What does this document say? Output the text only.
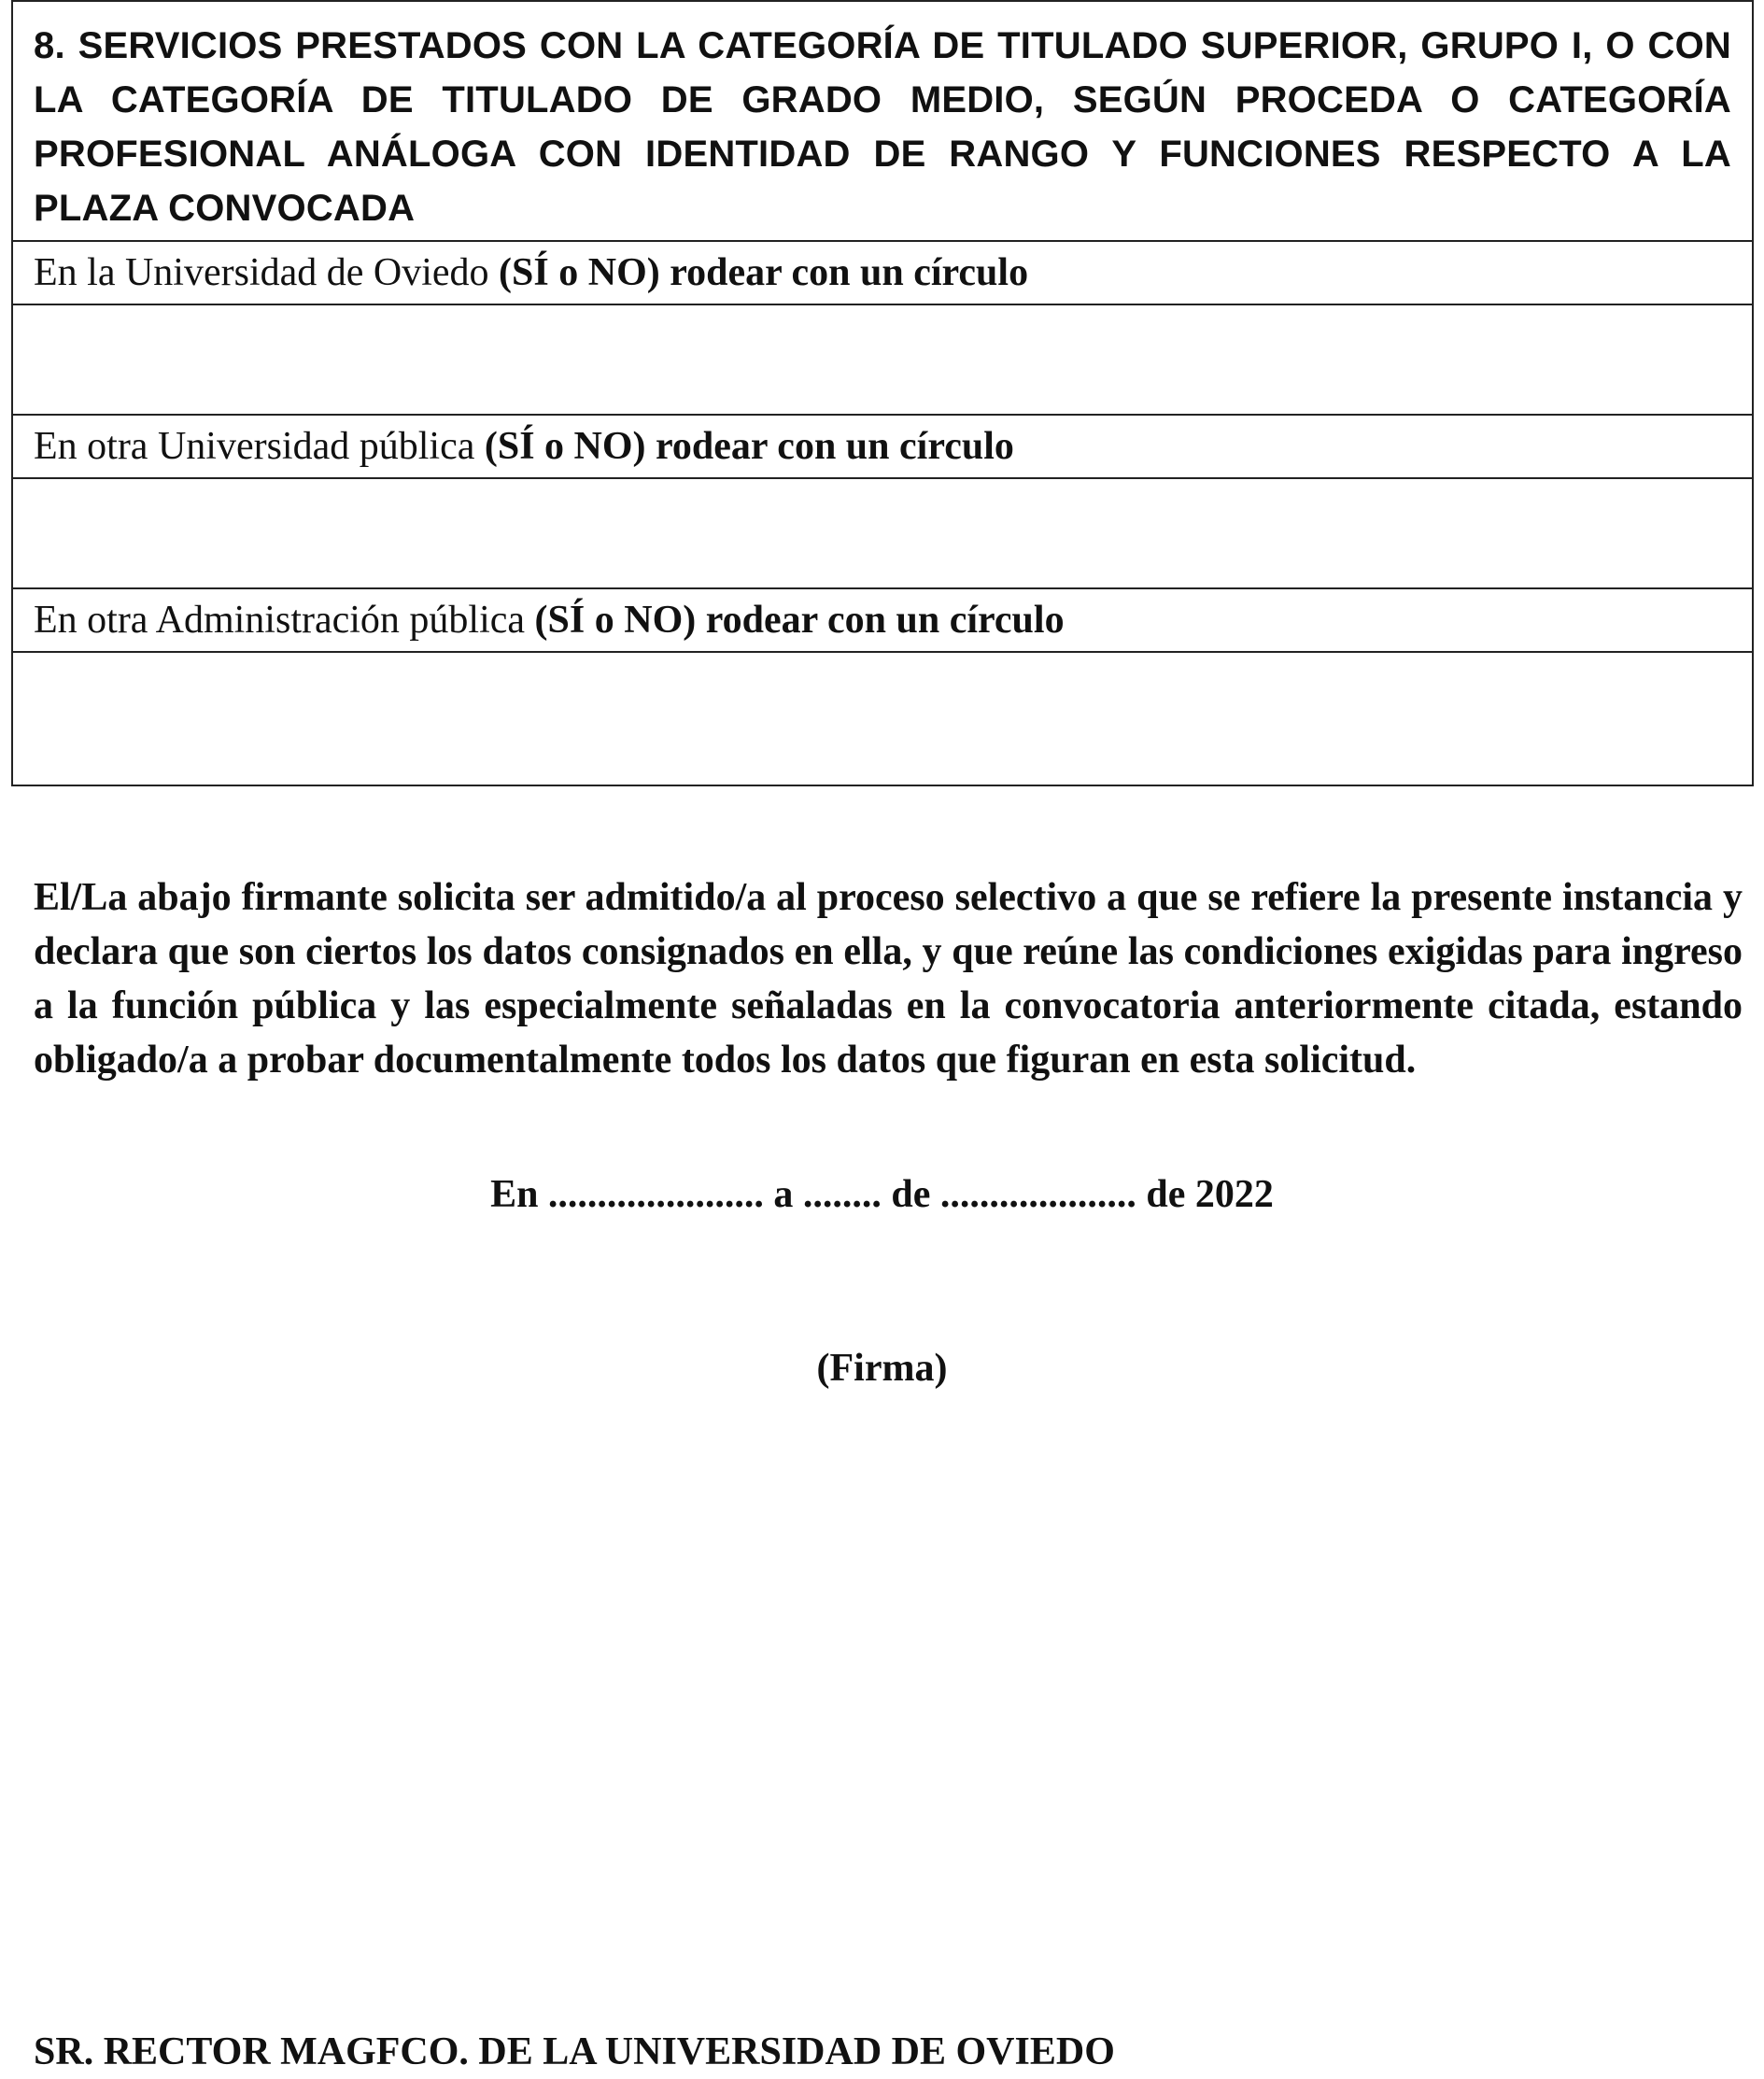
8. SERVICIOS PRESTADOS CON LA CATEGORÍA DE TITULADO SUPERIOR, GRUPO I, O CON LA CATEGORÍA DE TITULADO DE GRADO MEDIO, SEGÚN PROCEDA O CATEGORÍA PROFESIONAL ANÁLOGA CON IDENTIDAD DE RANGO Y FUNCIONES RESPECTO A LA PLAZA CONVOCADA
En la Universidad de Oviedo (SÍ o NO) rodear con un círculo
En otra Universidad pública (SÍ o NO) rodear con un círculo
En otra Administración pública (SÍ o NO) rodear con un círculo
El/La abajo firmante solicita ser admitido/a al proceso selectivo a que se refiere la presente instancia y declara que son ciertos los datos consignados en ella, y que reúne las condiciones exigidas para ingreso a la función pública y las especialmente señaladas en la convocatoria anteriormente citada, estando obligado/a a probar documentalmente todos los datos que figuran en esta solicitud.
En ...................... a ........ de .................... de 2022
(Firma)
SR. RECTOR MAGFCO. DE LA UNIVERSIDAD DE OVIEDO
